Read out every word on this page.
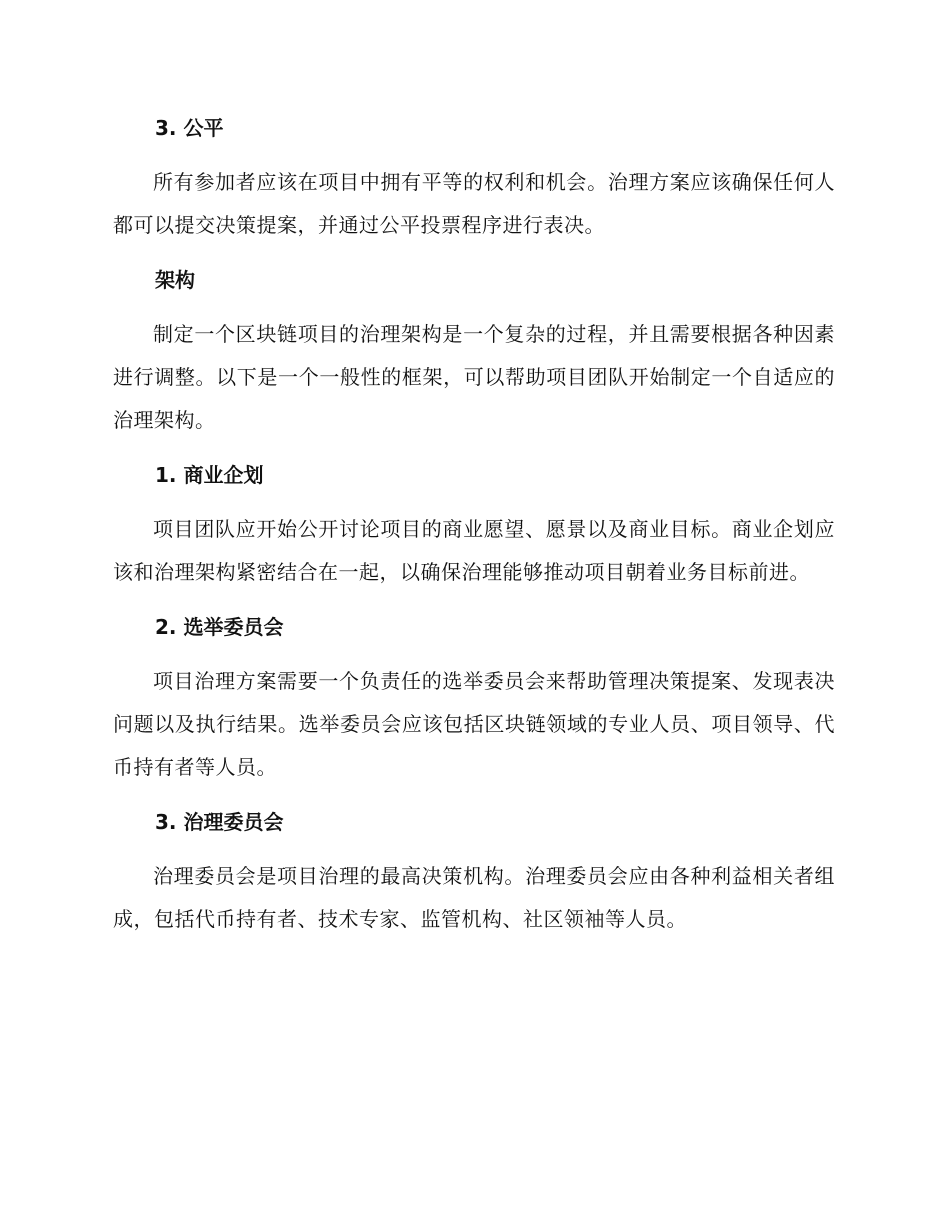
3. 公平

所有参加者应该在项目中拥有平等的权利和机会。治理方案应该确保任何人都可以提交决策提案，并通过公平投票程序进行表决。

架构

制定一个区块链项目的治理架构是一个复杂的过程，并且需要根据各种因素进行调整。以下是一个一般性的框架，可以帮助项目团队开始制定一个自适应的治理架构。

1. 商业企划

项目团队应开始公开讨论项目的商业愿望、愿景以及商业目标。商业企划应该和治理架构紧密结合在一起，以确保治理能够推动项目朝着业务目标前进。

2. 选举委员会

项目治理方案需要一个负责任的选举委员会来帮助管理决策提案、发现表决问题以及执行结果。选举委员会应该包括区块链领域的专业人员、项目领导、代币持有者等人员。

3. 治理委员会

治理委员会是项目治理的最高决策机构。治理委员会应由各种利益相关者组成，包括代币持有者、技术专家、监管机构、社区领袖等人员。
